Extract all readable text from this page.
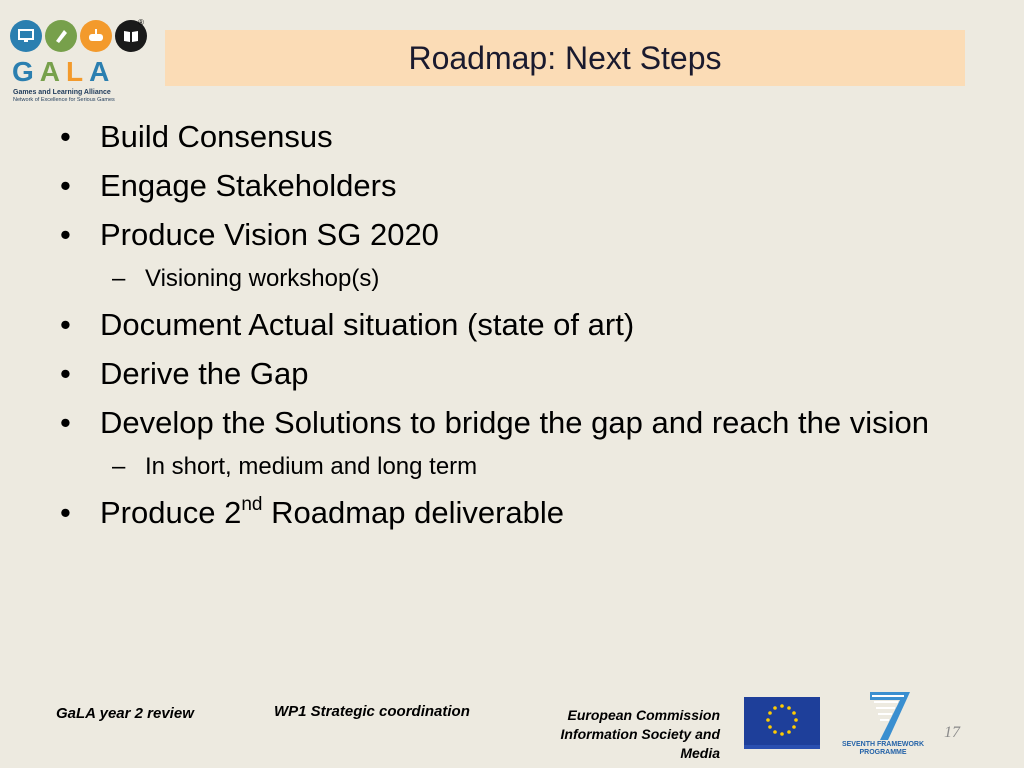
®
GALA
Games and Learning Alliance
Network of Excellence for Serious Games
Roadmap: Next Steps
• Build Consensus
• Engage Stakeholders
• Produce Vision SG 2020
– Visioning workshop(s)
• Document Actual situation (state of art)
• Derive the Gap
• Develop the Solutions to bridge the gap and reach the vision
– In short, medium and long term
• Produce 2nd Roadmap deliverable
GaLA year 2 review	WP1 Strategic coordination	European Commission
Information Society and
Media
SEVENTH FRAMEWORK
PROGRAMME
17
